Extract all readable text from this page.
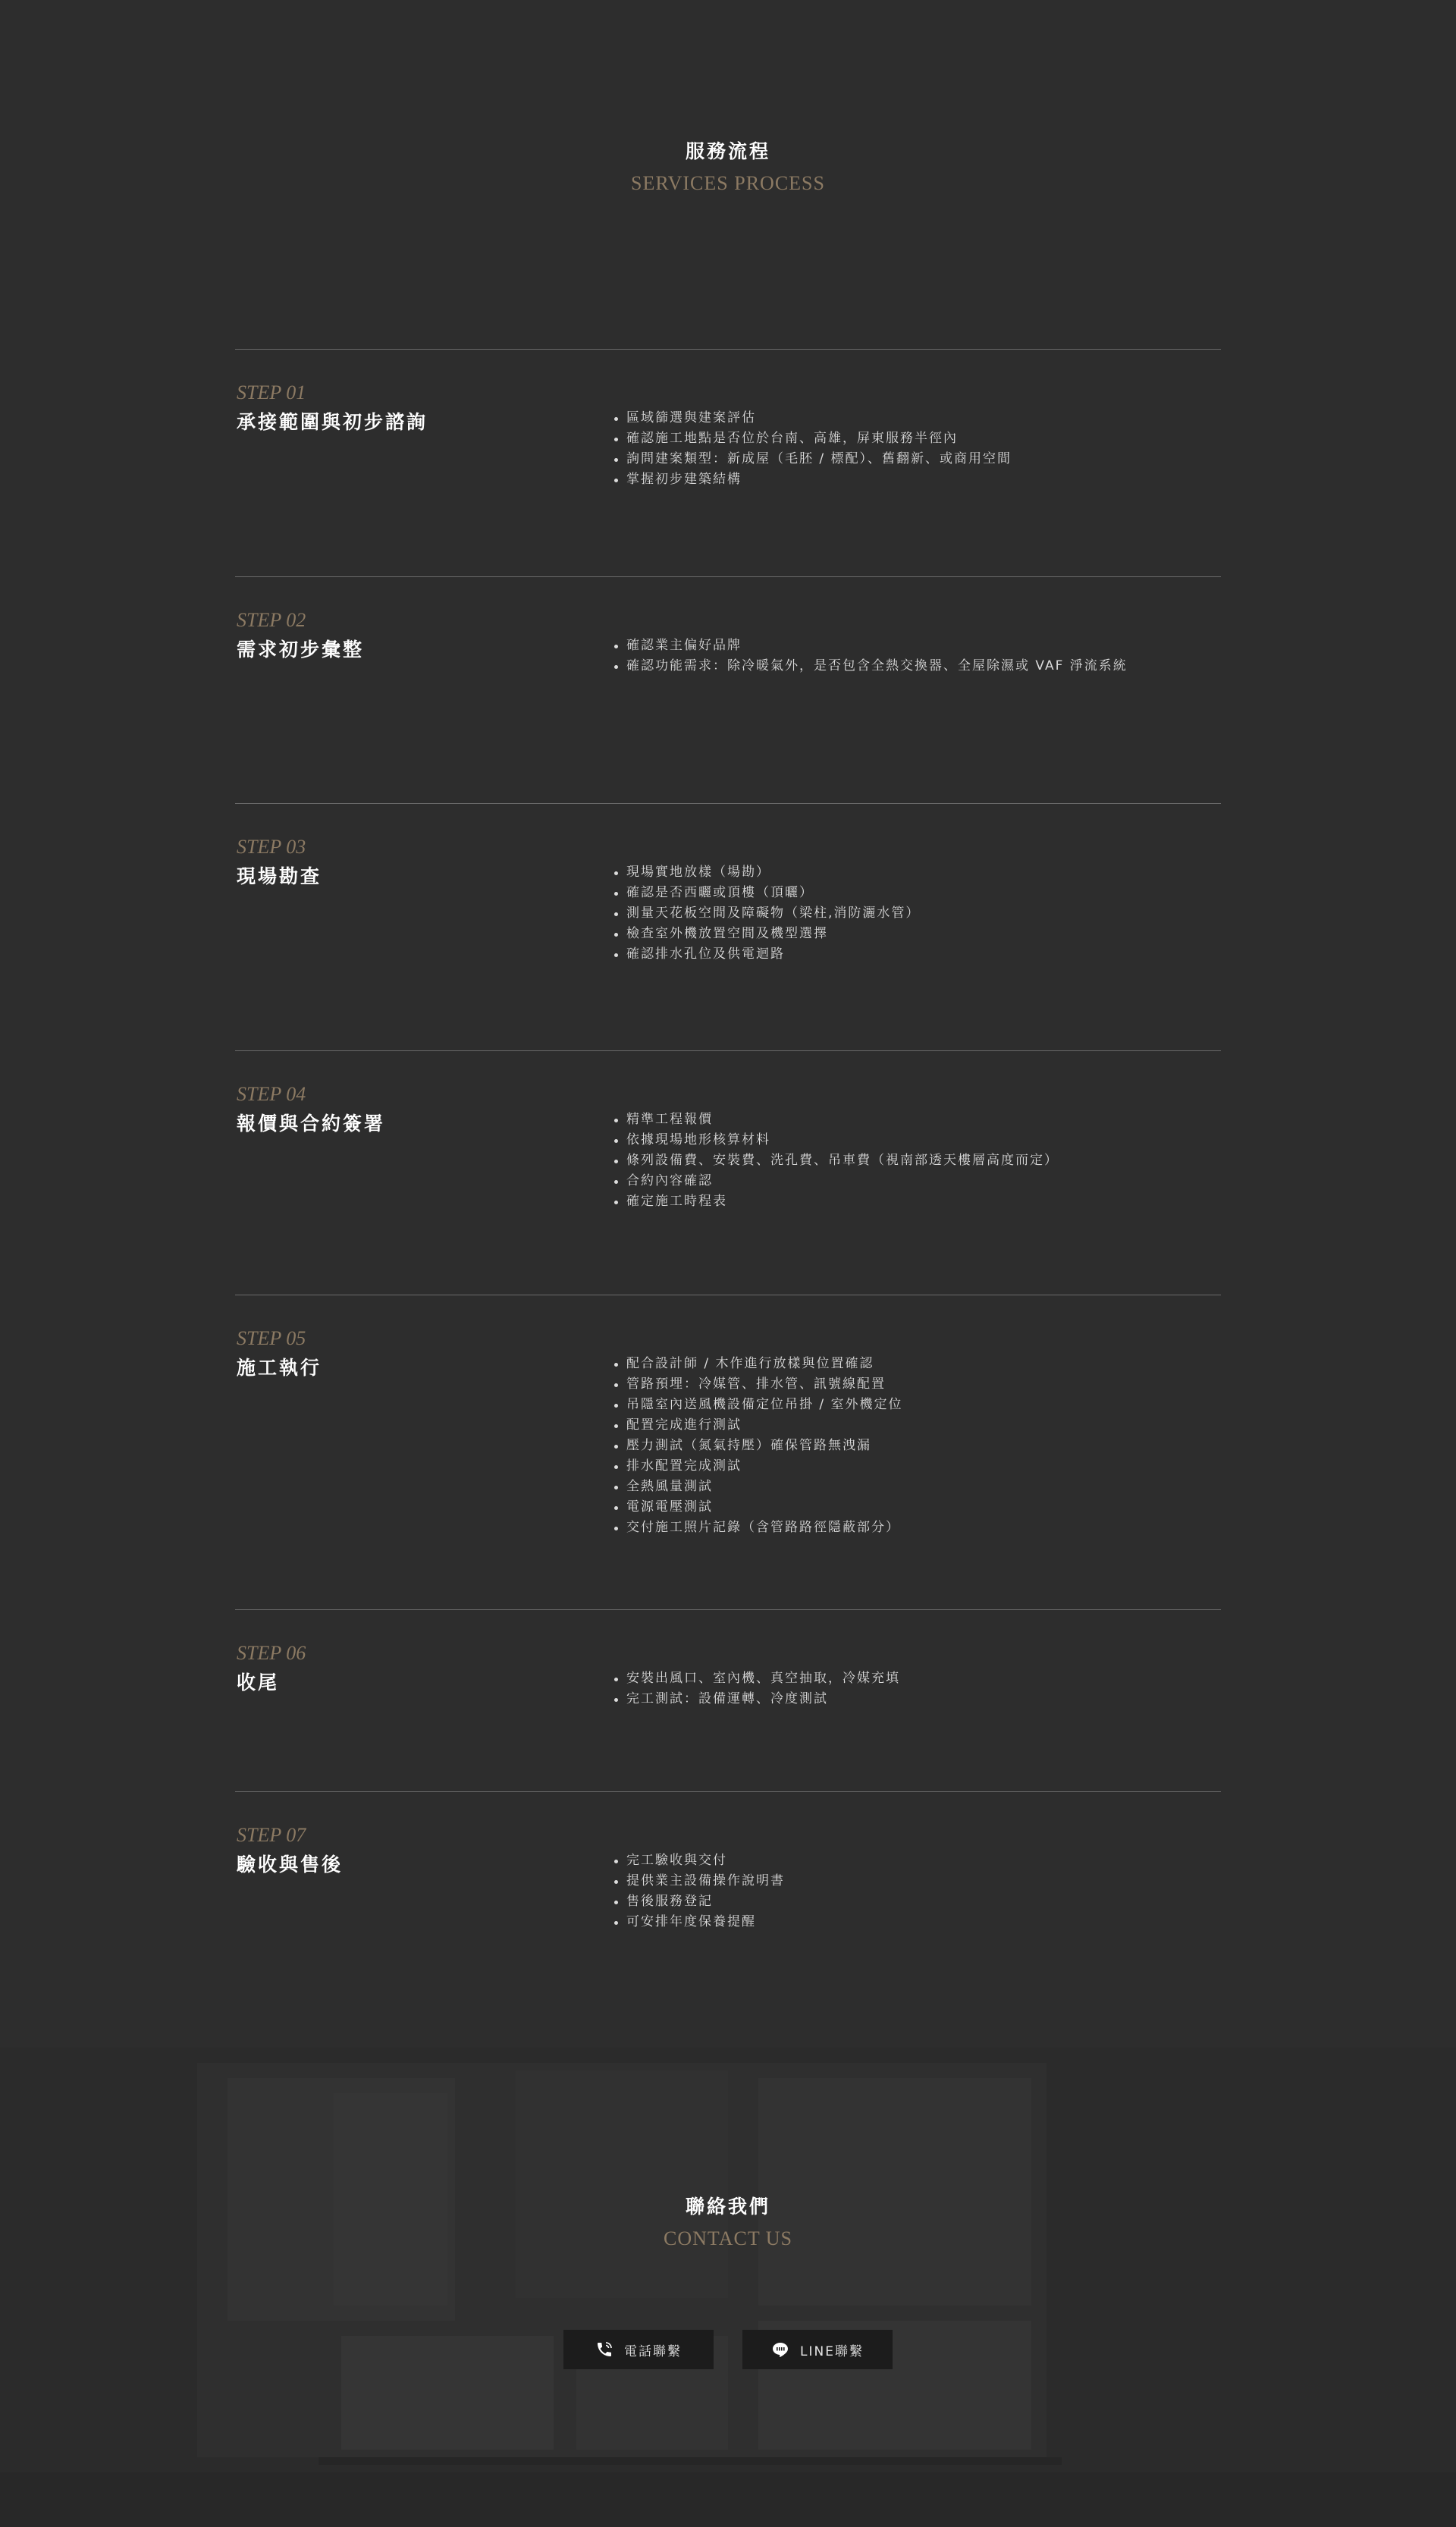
服務流程
SERVICES PROCESS
STEP 01
承接範圍與初步諮詢	區域篩選與建案評估
確認施工地點是否位於台南、高雄，屏東服務半徑內
詢問建案類型：新成屋（毛胚 / 標配）、舊翻新、或商用空間
掌握初步建築結構
STEP 02
需求初步彙整	確認業主偏好品牌
確認功能需求：除冷暖氣外，是否包含全熱交換器、全屋除濕或 VAF 淨流系統
STEP 03
現場勘查	現場實地放樣（場勘）
確認是否西曬或頂樓（頂曬）
測量天花板空間及障礙物（梁柱,消防灑水管）
檢查室外機放置空間及機型選擇
確認排水孔位及供電迴路
STEP 04
報價與合約簽署	精準工程報價
依據現場地形核算材料
條列設備費、安裝費、洗孔費、吊車費（視南部透天樓層高度而定）
合約內容確認
確定施工時程表
STEP 05
施工執行	配合設計師 / 木作進行放樣與位置確認
管路預埋：冷媒管、排水管、訊號線配置
吊隱室內送風機設備定位吊掛 / 室外機定位
配置完成進行測試
壓力測試（氮氣持壓）確保管路無洩漏
排水配置完成測試
全熱風量測試
電源電壓測試
交付施工照片記錄（含管路路徑隱蔽部分）
STEP 06
收尾	安裝出風口、室內機、真空抽取，冷媒充填
完工測試：設備運轉、冷度測試
STEP 07
驗收與售後	完工驗收與交付
提供業主設備操作說明書
售後服務登記
可安排年度保養提醒
聯絡我們
CONTACT US
電話聯繫	LINE聯繫
